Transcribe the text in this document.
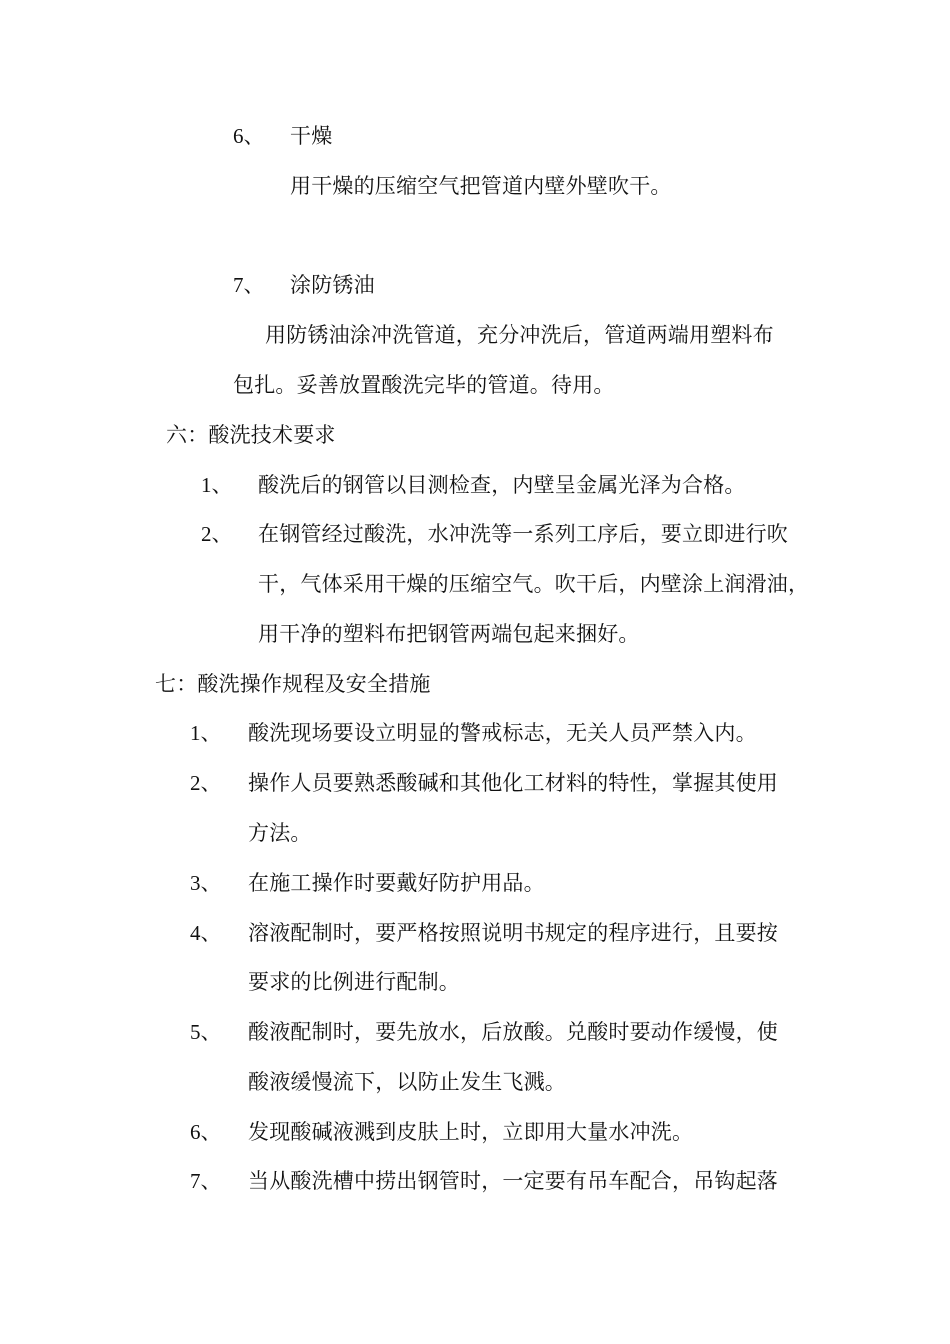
6、 干燥
用干燥的压缩空气把管道内壁外壁吹干。
7、 涂防锈油
用防锈油涂冲洗管道，充分冲洗后，管道两端用塑料布
包扎。妥善放置酸洗完毕的管道。待用。
六：酸洗技术要求
1、 酸洗后的钢管以目测检查，内壁呈金属光泽为合格。
2、 在钢管经过酸洗，水冲洗等一系列工序后，要立即进行吹
干，气体采用干燥的压缩空气。吹干后，内壁涂上润滑油，
用干净的塑料布把钢管两端包起来捆好。
七：酸洗操作规程及安全措施
1、 酸洗现场要设立明显的警戒标志，无关人员严禁入内。
2、 操作人员要熟悉酸碱和其他化工材料的特性，掌握其使用
方法。
3、 在施工操作时要戴好防护用品。
4、 溶液配制时，要严格按照说明书规定的程序进行，且要按
要求的比例进行配制。
5、 酸液配制时，要先放水，后放酸。兑酸时要动作缓慢，使
酸液缓慢流下，以防止发生飞溅。
6、 发现酸碱液溅到皮肤上时，立即用大量水冲洗。
7、 当从酸洗槽中捞出钢管时，一定要有吊车配合，吊钩起落
